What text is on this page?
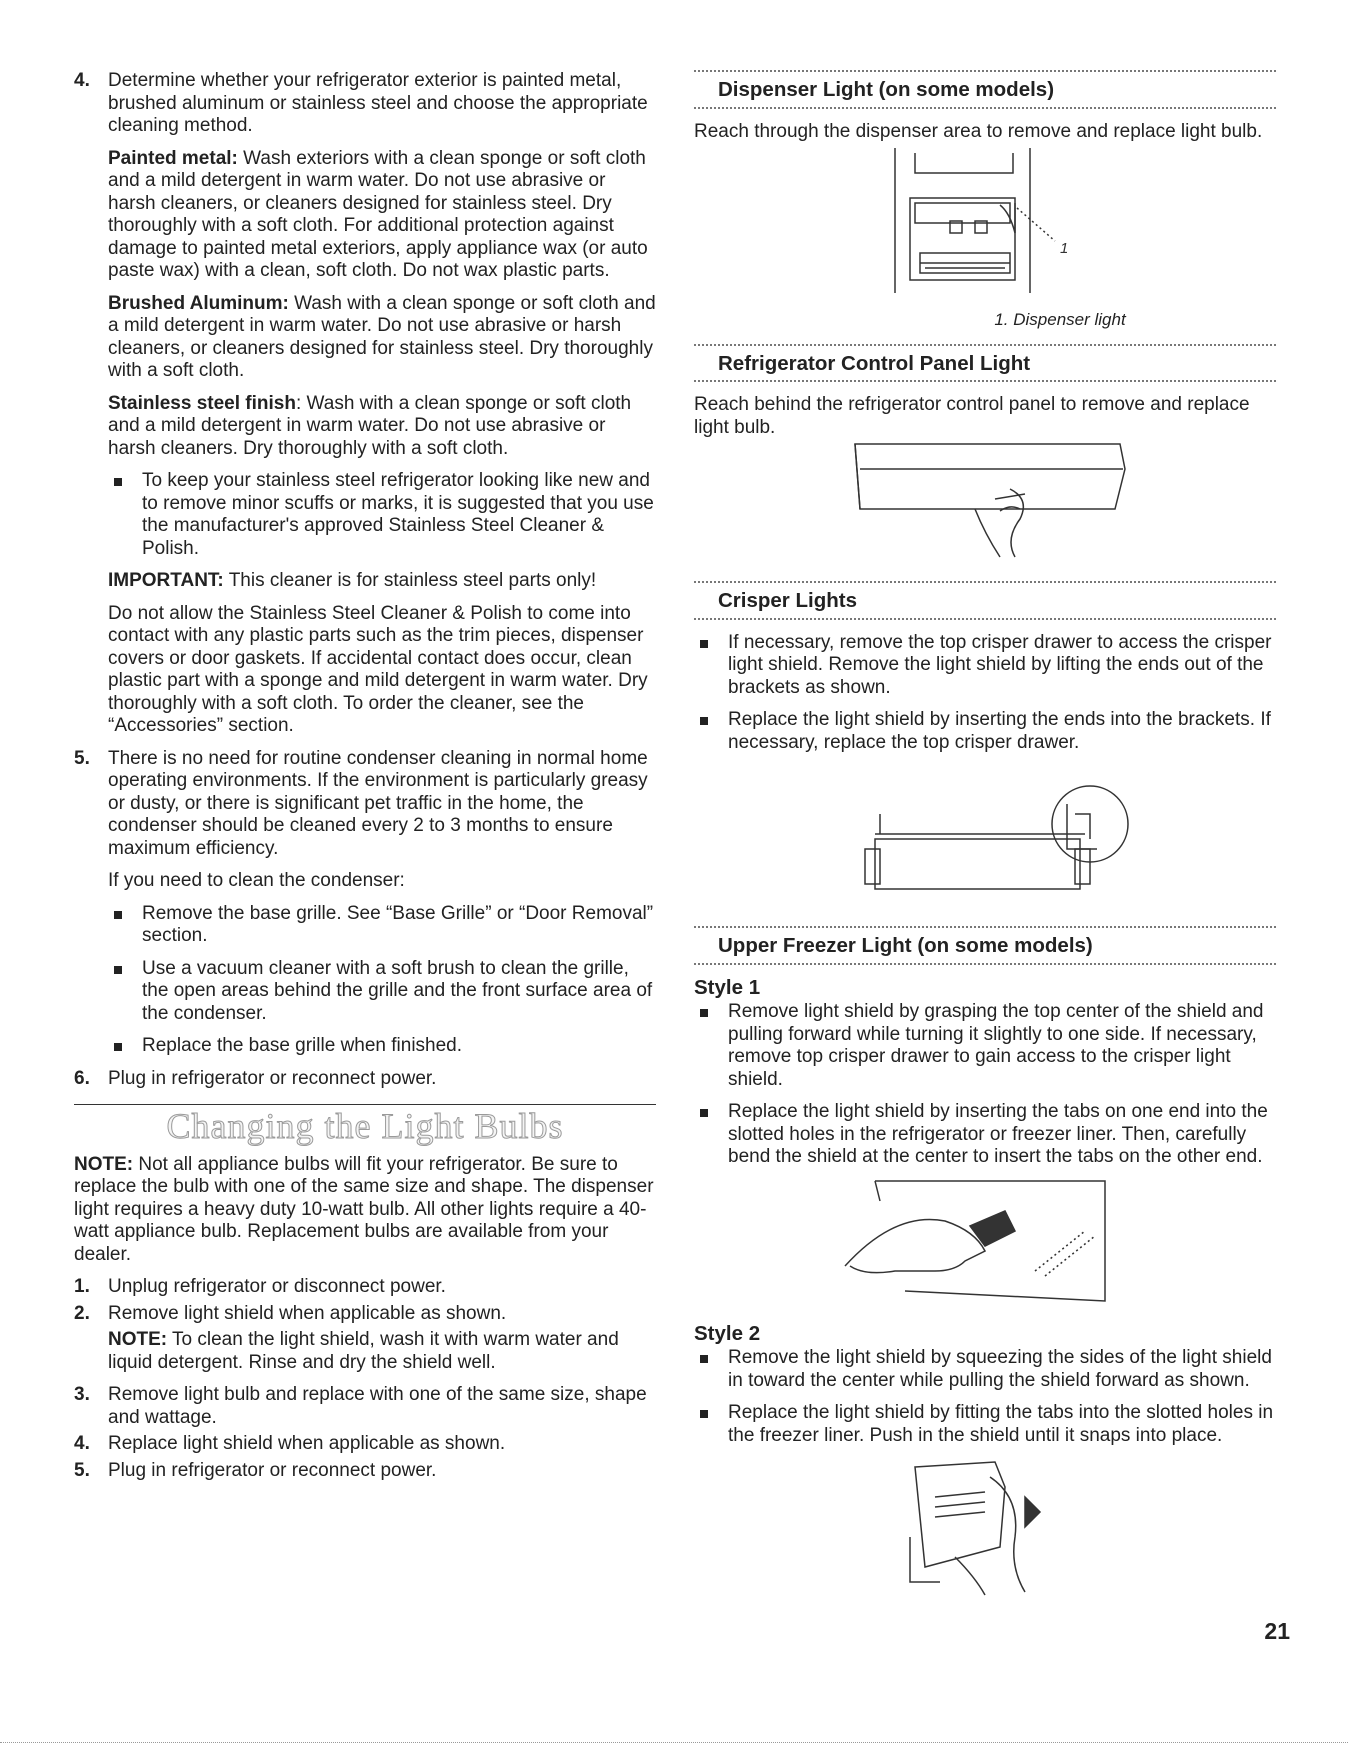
4. Determine whether your refrigerator exterior is painted metal, brushed aluminum or stainless steel and choose the appropriate cleaning method.

Painted metal: Wash exteriors with a clean sponge or soft cloth and a mild detergent in warm water. Do not use abrasive or harsh cleaners, or cleaners designed for stainless steel. Dry thoroughly with a soft cloth. For additional protection against damage to painted metal exteriors, apply appliance wax (or auto paste wax) with a clean, soft cloth. Do not wax plastic parts.

Brushed Aluminum: Wash with a clean sponge or soft cloth and a mild detergent in warm water. Do not use abrasive or harsh cleaners, or cleaners designed for stainless steel. Dry thoroughly with a soft cloth.

Stainless steel finish: Wash with a clean sponge or soft cloth and a mild detergent in warm water. Do not use abrasive or harsh cleaners. Dry thoroughly with a soft cloth.

To keep your stainless steel refrigerator looking like new and to remove minor scuffs or marks, it is suggested that you use the manufacturer's approved Stainless Steel Cleaner & Polish.

IMPORTANT: This cleaner is for stainless steel parts only!

Do not allow the Stainless Steel Cleaner & Polish to come into contact with any plastic parts such as the trim pieces, dispenser covers or door gaskets. If accidental contact does occur, clean plastic part with a sponge and mild detergent in warm water. Dry thoroughly with a soft cloth. To order the cleaner, see the “Accessories” section.

5. There is no need for routine condenser cleaning in normal home operating environments. If the environment is particularly greasy or dusty, or there is significant pet traffic in the home, the condenser should be cleaned every 2 to 3 months to ensure maximum efficiency.

If you need to clean the condenser:

Remove the base grille. See “Base Grille” or “Door Removal” section.
Use a vacuum cleaner with a soft brush to clean the grille, the open areas behind the grille and the front surface area of the condenser.
Replace the base grille when finished.
6. Plug in refrigerator or reconnect power.

Changing the Light Bulbs

NOTE: Not all appliance bulbs will fit your refrigerator. Be sure to replace the bulb with one of the same size and shape. The dispenser light requires a heavy duty 10-watt bulb. All other lights require a 40-watt appliance bulb. Replacement bulbs are available from your dealer.

1. Unplug refrigerator or disconnect power.

2. Remove light shield when applicable as shown.

NOTE: To clean the light shield, wash it with warm water and liquid detergent. Rinse and dry the shield well.

3. Remove light bulb and replace with one of the same size, shape and wattage.

4. Replace light shield when applicable as shown.

5. Plug in refrigerator or reconnect power.

Dispenser Light (on some models)

Reach through the dispenser area to remove and replace light bulb.

1

1. Dispenser light

Refrigerator Control Panel Light

Reach behind the refrigerator control panel to remove and replace light bulb.

Crisper Lights
If necessary, remove the top crisper drawer to access the crisper light shield. Remove the light shield by lifting the ends out of the brackets as shown.
Replace the light shield by inserting the ends into the brackets. If necessary, replace the top crisper drawer.
Upper Freezer Light (on some models)
Style 1
Remove light shield by grasping the top center of the shield and pulling forward while turning it slightly to one side. If necessary, remove top crisper drawer to gain access to the crisper light shield.
Replace the light shield by inserting the tabs on one end into the slotted holes in the refrigerator or freezer liner. Then, carefully bend the shield at the center to insert the tabs on the other end.
Style 2
Remove the light shield by squeezing the sides of the light shield in toward the center while pulling the shield forward as shown.
Replace the light shield by fitting the tabs into the slotted holes in the freezer liner. Push in the shield until it snaps into place.
21
